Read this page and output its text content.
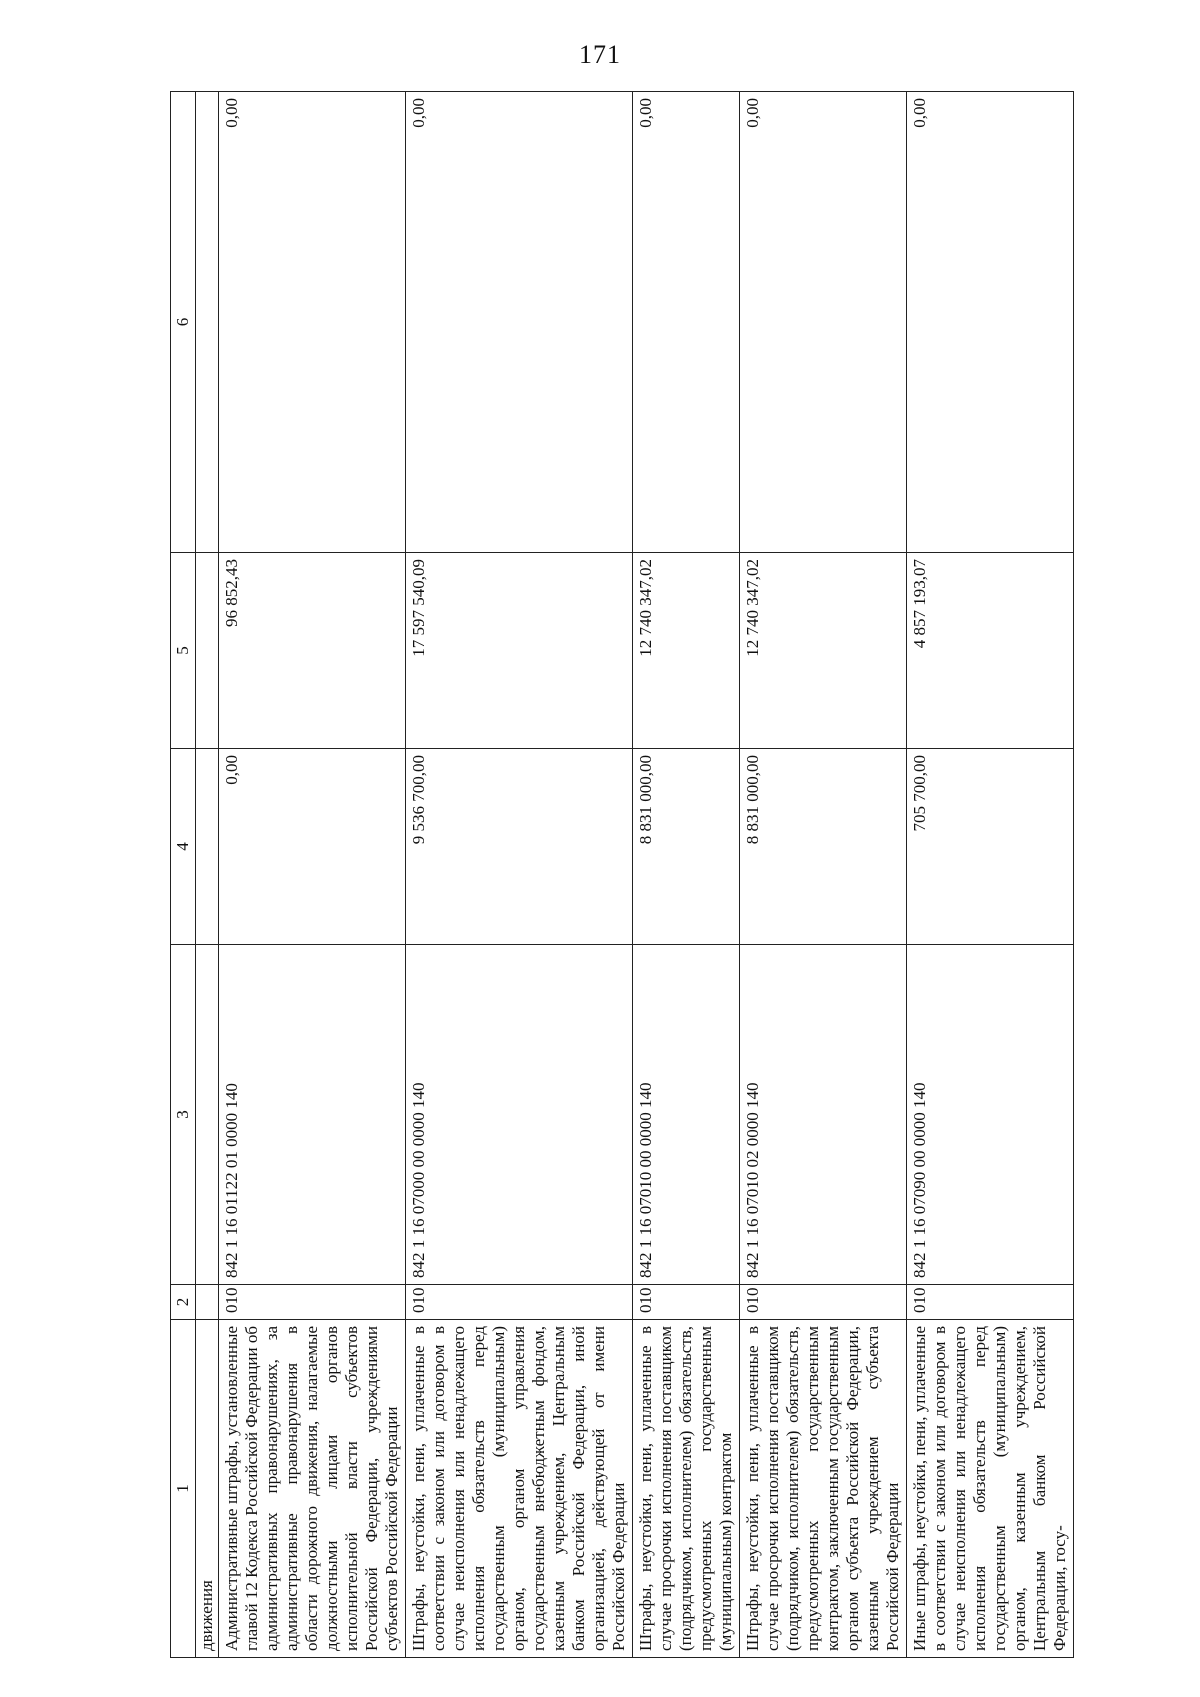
171
1	2	3	4	5	6
движения					
Административные штрафы, установленные главой 12 Кодекса Российской Федерации об административных правонарушениях, за административные правонарушения в области дорожного движения, налагаемые должностными лицами органов исполнительной власти субъектов Российской Федерации, учреждениями субъектов Российской Федерации	010	842 1 16 01122 01 0000 140	0,00	96 852,43	0,00
Штрафы, неустойки, пени, уплаченные в соответствии с законом или договором в случае неисполнения или ненадлежащего исполнения обязательств перед государственным (муниципальным) органом, органом управления государственным внебюджетным фондом, казенным учреждением, Центральным банком Российской Федерации, иной организацией, действующей от имени Российской Федерации	010	842 1 16 07000 00 0000 140	9 536 700,00	17 597 540,09	0,00
Штрафы, неустойки, пени, уплаченные в случае просрочки исполнения поставщиком (подрядчиком, исполнителем) обязательств, предусмотренных государственным (муниципальным) контрактом	010	842 1 16 07010 00 0000 140	8 831 000,00	12 740 347,02	0,00
Штрафы, неустойки, пени, уплаченные в случае просрочки исполнения поставщиком (подрядчиком, исполнителем) обязательств, предусмотренных государственным контрактом, заключенным государственным органом субъекта Российской Федерации, казенным учреждением субъекта Российской Федерации	010	842 1 16 07010 02 0000 140	8 831 000,00	12 740 347,02	0,00
Иные штрафы, неустойки, пени, уплаченные в соответствии с законом или договором в случае неисполнения или ненадлежащего исполнения обязательств перед государственным (муниципальным) органом, казенным учреждением, Центральным банком Российской Федерации, госу-	010	842 1 16 07090 00 0000 140	705 700,00	4 857 193,07	0,00
